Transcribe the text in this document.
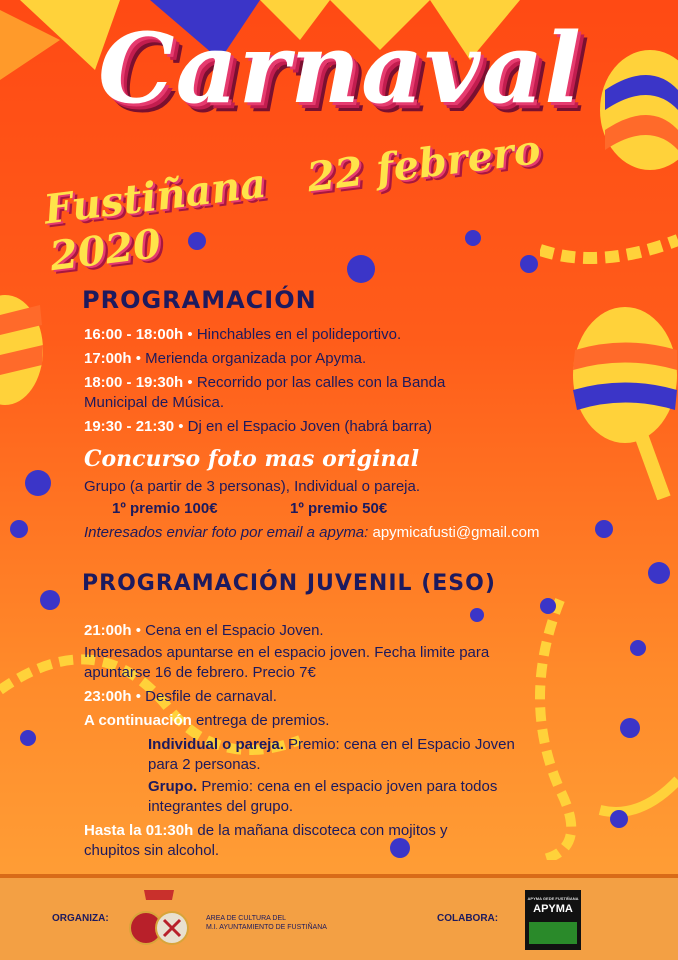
Carnaval
Fustiñana 22 febrero 2020
PROGRAMACIÓN
16:00 - 18:00h • Hinchables en el polideportivo.
17:00h • Merienda organizada por Apyma.
18:00 - 19:30h • Recorrido por las calles con la Banda
Municipal de Música.
19:30 - 21:30 • Dj en el Espacio Joven (habrá barra)
Concurso foto mas original
Grupo (a partir de 3 personas), Individual o pareja.
1º premio 100€	1º premio 50€
Interesados enviar foto por email a apyma: apymicafusti@gmail.com
PROGRAMACIÓN JUVENIL (ESO)
21:00h • Cena en el Espacio Joven.
Interesados apuntarse en el espacio joven. Fecha limite para
apuntarse 16 de febrero. Precio 7€
23:00h • Desfile de carnaval.
A continuación entrega de premios.
Individual o pareja. Premio: cena en el Espacio Joven
para 2 personas.
Grupo. Premio: cena en el espacio joven para todos
integrantes del grupo.
Hasta la 01:30h de la mañana discoteca con mojitos y
chupitos sin alcohol.
ORGANIZA:	AREA DE CULTURA DEL
M.I. AYUNTAMIENTO DE FUSTIÑANA
COLABORA:
APYMA GEDE FUSTIÑANA
APYMA
